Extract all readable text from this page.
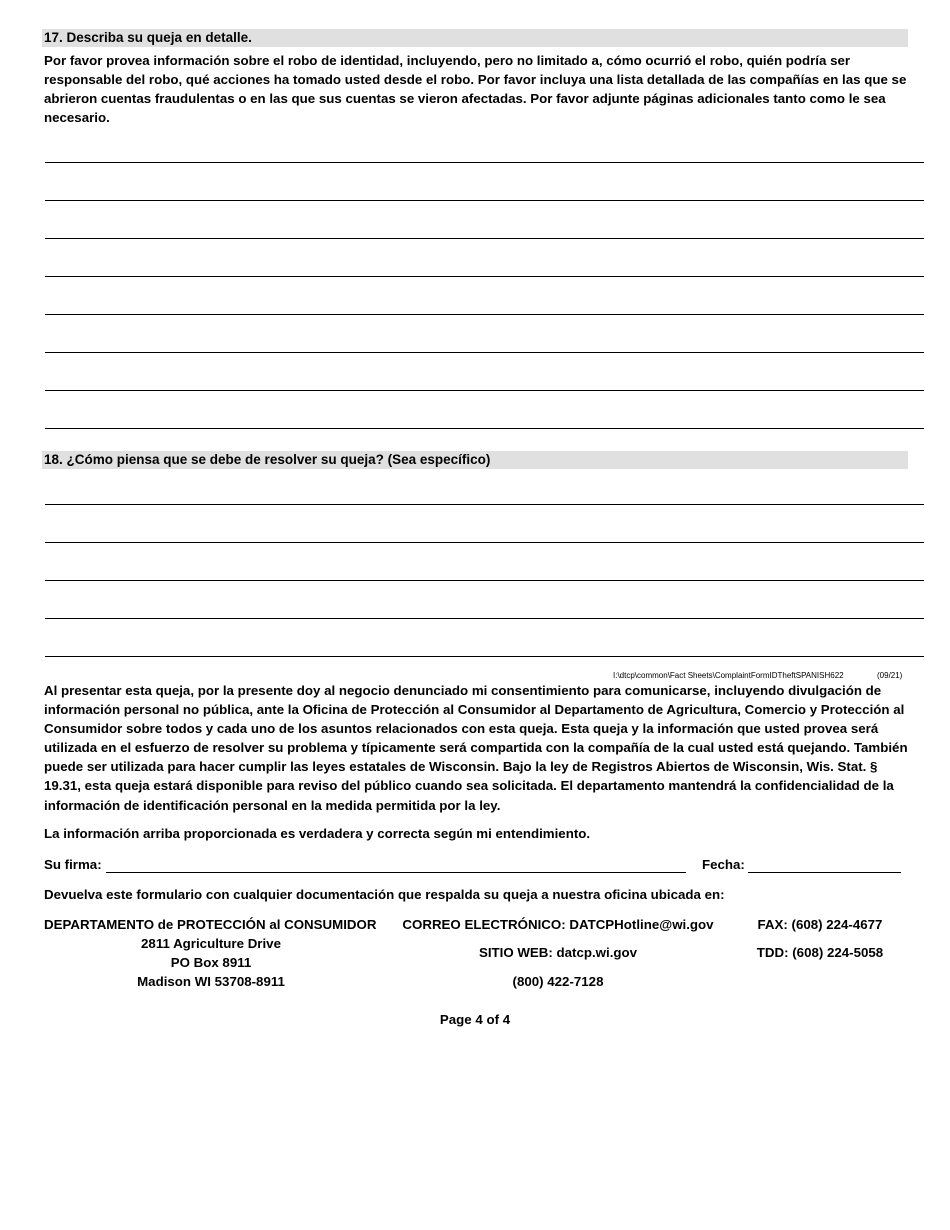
17. Describa su queja en detalle.
Por favor provea información sobre el robo de identidad, incluyendo, pero no limitado a, cómo ocurrió el robo, quién podría ser responsable del robo, qué acciones ha tomado usted desde el robo. Por favor incluya una lista detallada de las compañías en las que se abrieron cuentas fraudulentas o en las que sus cuentas se vieron afectadas. Por favor adjunte páginas adicionales tanto como le sea necesario.
18. ¿Cómo piensa que se debe de resolver su queja? (Sea específico)
I:\dtcp\common\Fact Sheets\ComplaintFormIDTheftSPANISH622	(09/21)
Al presentar esta queja, por la presente doy al negocio denunciado mi consentimiento para comunicarse, incluyendo divulgación de información personal no pública, ante la Oficina de Protección al Consumidor al Departamento de Agricultura, Comercio y Protección al Consumidor sobre todos y cada uno de los asuntos relacionados con esta queja. Esta queja y la información que usted provea será utilizada en el esfuerzo de resolver su problema y típicamente será compartida con la compañía de la cual usted está quejando. También puede ser utilizada para hacer cumplir las leyes estatales de Wisconsin. Bajo la ley de Registros Abiertos de Wisconsin, Wis. Stat. § 19.31, esta queja estará disponible para reviso del público cuando sea solicitada. El departamento mantendrá la confidencialidad de la información de identificación personal en la medida permitida por la ley.
La información arriba proporcionada es verdadera y correcta según mi entendimiento.
Su firma:	Fecha:
Devuelva este formulario con cualquier documentación que respalda su queja a nuestra oficina ubicada en:
DEPARTAMENTO de PROTECCIÓN al CONSUMIDOR
2811 Agriculture Drive
PO Box 8911
Madison WI 53708-8911
CORREO ELECTRÓNICO: DATCPHotline@wi.gov
SITIO WEB: datcp.wi.gov
(800) 422-7128
FAX: (608) 224-4677
TDD: (608) 224-5058
Page 4 of 4
